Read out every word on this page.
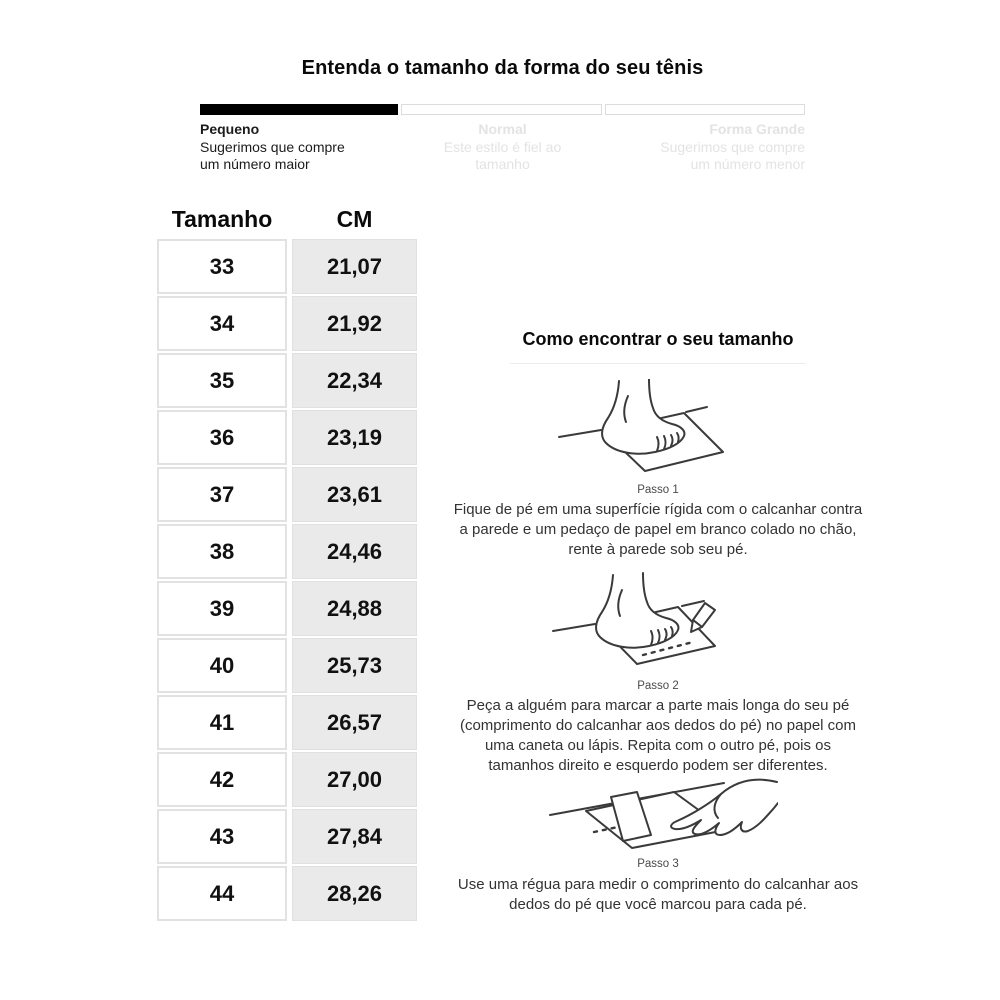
Entenda o tamanho da forma do seu tênis
Pequeno
Sugerimos que compre um número maior
Normal
Este estilo é fiel ao tamanho
Forma Grande
Sugerimos que compre um número menor
Tamanho	CM
33	21,07
34	21,92
35	22,34
36	23,19
37	23,61
38	24,46
39	24,88
40	25,73
41	26,57
42	27,00
43	27,84
44	28,26
Como encontrar o seu tamanho
Passo 1
Fique de pé em uma superfície rígida com o calcanhar contra a parede e um pedaço de papel em branco colado no chão, rente à parede sob seu pé.
Passo 2
Peça a alguém para marcar a parte mais longa do seu pé (comprimento do calcanhar aos dedos do pé) no papel com uma caneta ou lápis. Repita com o outro pé, pois os tamanhos direito e esquerdo podem ser diferentes.
Passo 3
Use uma régua para medir o comprimento do calcanhar aos dedos do pé que você marcou para cada pé.
